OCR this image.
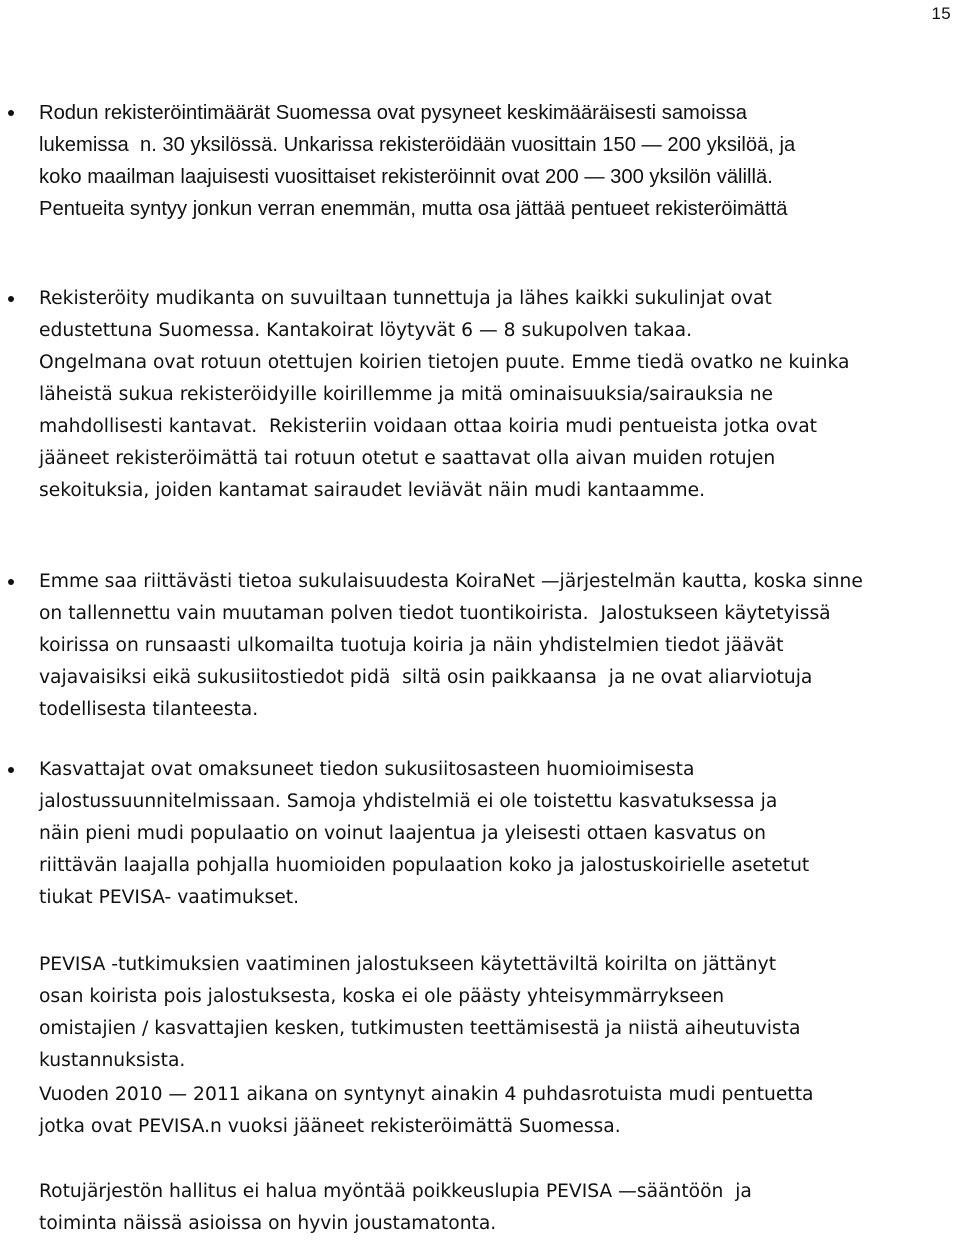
15
Rodun rekisteröintimäärät Suomessa ovat pysyneet keskimääräisesti samoissa
lukemissa  n. 30 yksilössä. Unkarissa rekisteröidään vuosittain 150 — 200 yksilöä, ja
koko maailman laajuisesti vuosittaiset rekisteröinnit ovat 200 — 300 yksilön välillä.
Pentueita syntyy jonkun verran enemmän, mutta osa jättää pentueet rekisteröimättä
Rekisteröity mudikanta on suvuiltaan tunnettuja ja lähes kaikki sukulinjat ovat
edustettuna Suomessa. Kantakoirat löytyvät 6 — 8 sukupolven takaa.
Ongelmana ovat rotuun otettujen koirien tietojen puute. Emme tiedä ovatko ne kuinka
läheistä sukua rekisteröidyille koirillemme ja mitä ominaisuuksia/sairauksia ne
mahdollisesti kantavat.  Rekisteriin voidaan ottaa koiria mudi pentueista jotka ovat
jääneet rekisteröimättä tai rotuun otetut e saattavat olla aivan muiden rotujen
sekoituksia, joiden kantamat sairaudet leviävät näin mudi kantaamme.
Emme saa riittävästi tietoa sukulaisuudesta KoiraNet —järjestelmän kautta, koska sinne
on tallennettu vain muutaman polven tiedot tuontikoirista.  Jalostukseen käytetyissä
koirissa on runsaasti ulkomailta tuotuja koiria ja näin yhdistelmien tiedot jäävät
vajavaisiksi eikä sukusiitostiedot pidä  siltä osin paikkaansa  ja ne ovat aliarviotuja
todellisesta tilanteesta.
Kasvattajat ovat omaksuneet tiedon sukusiitosasteen huomioimisesta
jalostussuunnitelmissaan. Samoja yhdistelmiä ei ole toistettu kasvatuksessa ja
näin pieni mudi populaatio on voinut laajentua ja yleisesti ottaen kasvatus on
riittävän laajalla pohjalla huomioiden populaation koko ja jalostuskoirielle asetetut
tiukat PEVISA- vaatimukset.
PEVISA -tutkimuksien vaatiminen jalostukseen käytettäviltä koirilta on jättänyt
osan koirista pois jalostuksesta, koska ei ole päästy yhteisymmärrykseen
omistajien / kasvattajien kesken, tutkimusten teettämisestä ja niistä aiheutuvista
kustannuksista.
Vuoden 2010 — 2011 aikana on syntynyt ainakin 4 puhdasrotuista mudi pentuetta
jotka ovat PEVISA.n vuoksi jääneet rekisteröimättä Suomessa.
Rotujärjestön hallitus ei halua myöntää poikkeuslupia PEVISA —sääntöön  ja
toiminta näissä asioissa on hyvin joustamatonta.
